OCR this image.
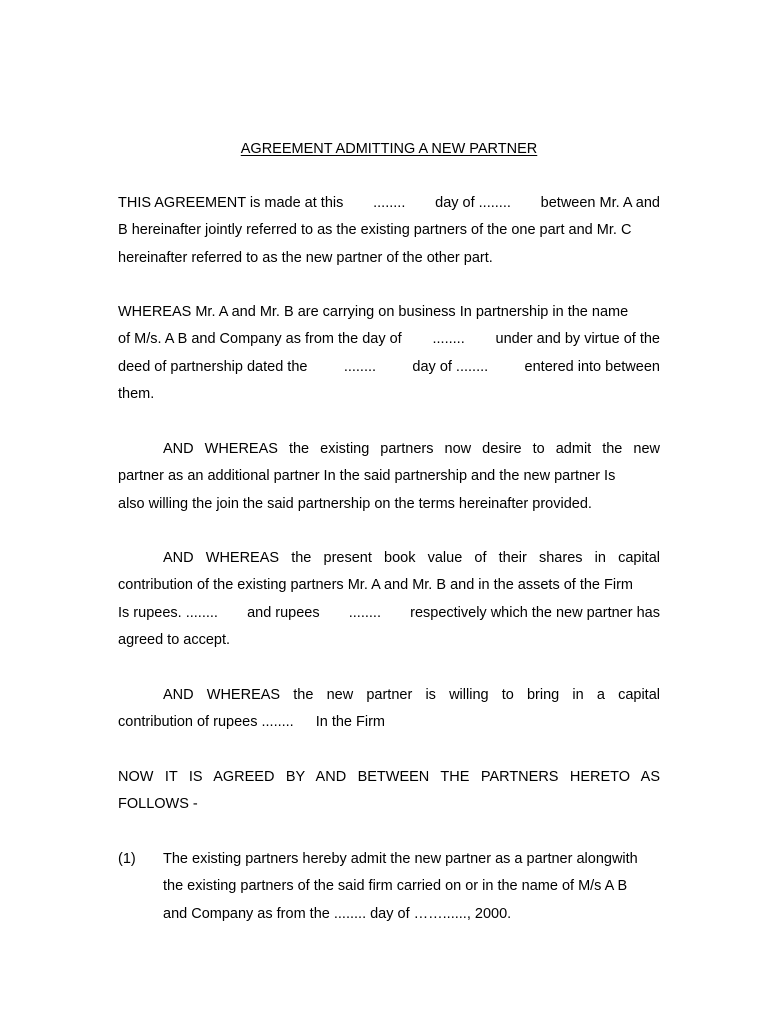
AGREEMENT ADMITTING A NEW PARTNER
THIS AGREEMENT is made at this ........ day of ........ between Mr. A and
B hereinafter jointly referred to as the existing partners of the one part and Mr. C
hereinafter referred to as the new partner of the other part.
WHEREAS Mr. A and Mr. B are carrying on business In partnership in the name
of M/s. A B and Company as from the day of ........ under and by virtue of the
deed of partnership dated the	........	day of ........	entered into between
them.
AND WHEREAS the existing partners now desire to admit the new
partner as an additional partner In the said partnership and the new partner Is
also willing the join the said partnership on the terms hereinafter provided.
AND WHEREAS the present book value of their shares in capital
contribution of the existing partners Mr. A and Mr. B and in the assets of the Firm
Is rupees. ........ and rupees ........ respectively which the new partner has
agreed to accept.
AND WHEREAS the new partner is willing to bring in a capital
contribution of rupees ........ In the Firm
NOW IT IS AGREED BY AND BETWEEN THE PARTNERS HERETO AS
FOLLOWS -
(1) The existing partners hereby admit the new partner as a partner alongwith
the existing partners of the said firm carried on or in the name of M/s A B
and Company as from the ........ day of ……......, 2000.
